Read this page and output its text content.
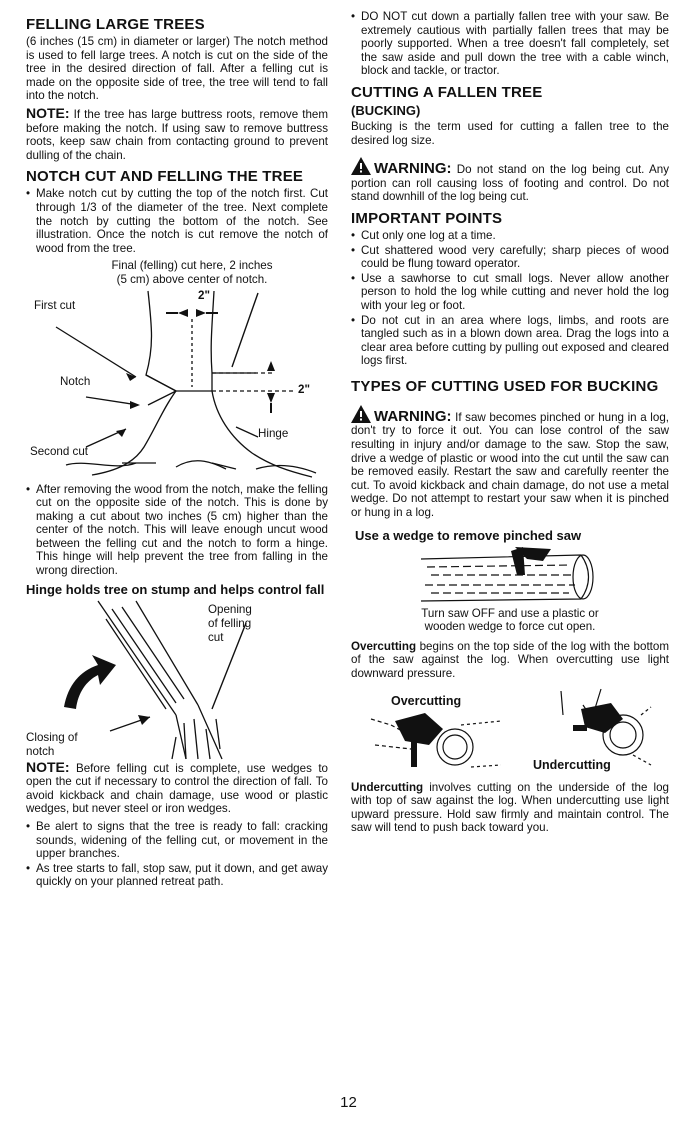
FELLING LARGE TREES

(6 inches (15 cm) in diameter or larger) The notch method is used to fell large trees. A notch is cut on the side of the tree in the desired direction of fall. After a felling cut is made on the opposite side of tree, the tree will tend to fall into the notch.

NOTE: If the tree has large buttress roots, remove them before making the notch. If using saw to remove buttress roots, keep saw chain from contacting ground to prevent dulling of the chain.

NOTCH CUT AND FELLING THE TREE
• Make notch cut by cutting the top of the notch first. Cut through 1/3 of the diameter of the tree. Next complete the notch by cutting the bottom of the notch. See illustration. Once the notch is cut remove the notch of wood from the tree.
Final (felling) cut here, 2 inches
(5 cm) above center of notch.
First cut
2"
2"
Notch
Second cut
Hinge
• After removing the wood from the notch, make the felling cut on the opposite side of the notch. This is done by making a cut about two inches (5 cm) higher than the center of the notch. This will leave enough uncut wood between the felling cut and the notch to form a hinge. This hinge will help prevent the tree from falling in the wrong direction.
Hinge holds tree on stump and helps control fall
Opening
of felling
cut
Closing of
notch

NOTE: Before felling cut is complete, use wedges to open the cut if necessary to control the direction of fall. To avoid kickback and chain damage, use wood or plastic wedges, but never steel or iron wedges.

• Be alert to signs that the tree is ready to fall: cracking sounds, widening of the felling cut, or movement in the upper branches.
• As tree starts to fall, stop saw, put it down, and get away quickly on your planned retreat path.
• DO NOT cut down a partially fallen tree with your saw. Be extremely cautious with partially fallen trees that may be poorly supported. When a tree doesn't fall completely, set the saw aside and pull down the tree with a cable winch, block and tackle, or tractor.
CUTTING A FALLEN TREE
(BUCKING)

Bucking is the term used for cutting a fallen tree to the desired log size.

WARNING: Do not stand on the log being cut. Any portion can roll causing loss of footing and control. Do not stand downhill of the log being cut.

IMPORTANT POINTS
• Cut only one log at a time.
• Cut shattered wood very carefully; sharp pieces of wood could be flung toward operator.
• Use a sawhorse to cut small logs. Never allow another person to hold the log while cutting and never hold the log with your leg or foot.
• Do not cut in an area where logs, limbs, and roots are tangled such as in a blown down area. Drag the logs into a clear area before cutting by pulling out exposed and cleared logs first.
TYPES OF CUTTING USED FOR BUCKING

WARNING: If saw becomes pinched or hung in a log, don't try to force it out. You can lose control of the saw resulting in injury and/or damage to the saw. Stop the saw, drive a wedge of plastic or wood into the cut until the saw can be removed easily. Restart the saw and carefully reenter the cut. To avoid kickback and chain damage, do not use a metal wedge. Do not attempt to restart your saw when it is pinched or hung in a log.

Use a wedge to remove pinched saw
Turn saw OFF and use a plastic or
wooden wedge to force cut open.

Overcutting begins on the top side of the log with the bottom of the saw against the log. When overcutting use light downward pressure.

Overcutting
Undercutting

Undercutting involves cutting on the underside of the log with top of saw against the log. When undercutting use light upward pressure. Hold saw firmly and maintain control. The saw will tend to push back toward you.

12
